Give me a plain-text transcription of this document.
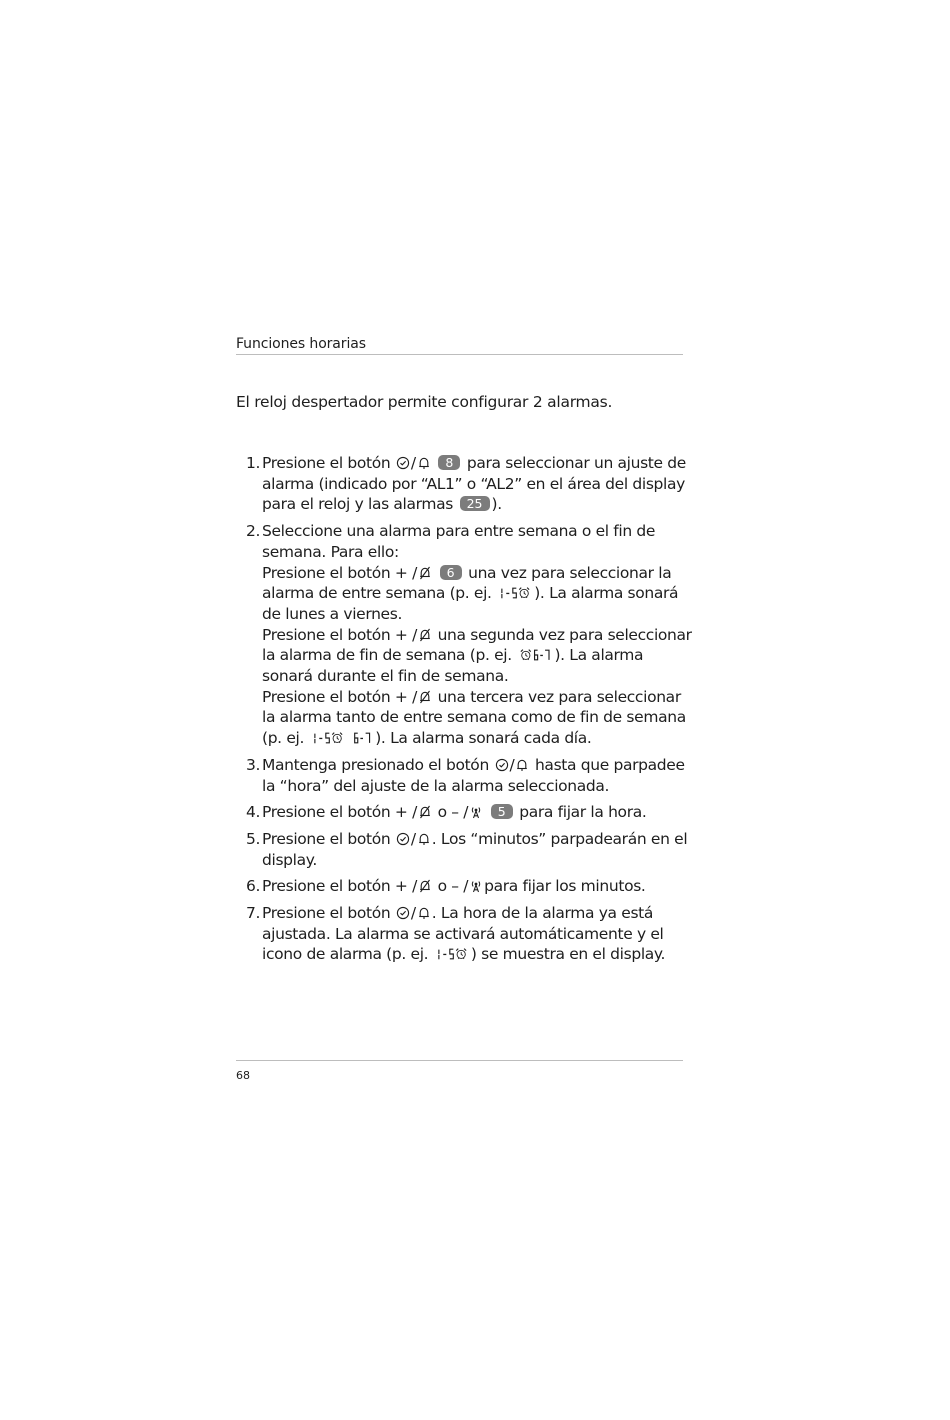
Funciones horarias
El reloj despertador permite configurar 2 alarmas.
1. Presione el botón / 8 para seleccionar un ajuste de alarma (indicado por “AL1” o “AL2” en el área del display para el reloj y las alarmas 25 ).
2. Seleccione una alarma para entre semana o el fin de semana. Para ello:
Presione el botón + / 6 una vez para seleccionar la alarma de entre semana (p. ej.	). La alarma sonará de lunes a viernes.
Presione el botón + /
una segunda vez para seleccionar la alarma de fin de semana (p. ej.	). La alarma sonará durante el fin de semana.
Presione el botón + /
una tercera vez para seleccionar la alarma tanto de entre semana como de fin de semana (p. ej.
	). La alarma sonará cada día.
3. Mantenga presionado el botón /
hasta que parpadee la “hora” del ajuste de la alarma seleccionada.
4. Presione el botón + /
o – / 5 para fijar la hora.
5. Presione el botón / . Los “minutos” parpadearán en el display.
6. Presione el botón + /
o – / para fijar los minutos.
7. Presione el botón / . La hora de la alarma ya está ajustada. La alarma se activará automáticamente y el icono de alarma (p. ej.	) se muestra en el display.
68
